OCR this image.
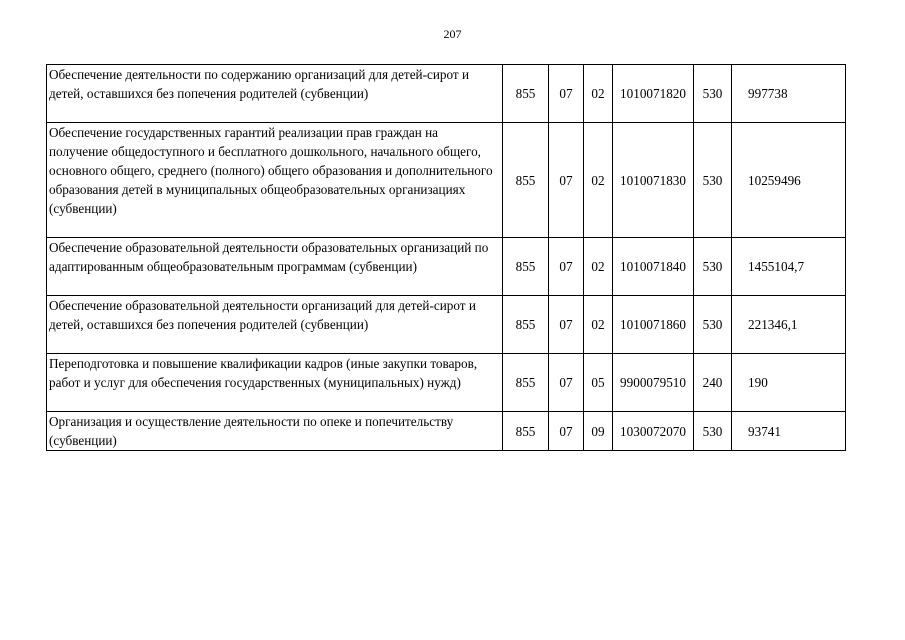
207
Обеспечение деятельности по содержанию организаций для детей-сирот и детей, оставшихся без попечения родителей (субвенции)	855	07	02	1010071820	530	997738
Обеспечение государственных гарантий реализации прав граждан на получение общедоступного и бесплатного дошкольного, начального общего, основного общего, среднего (полного) общего образования и дополнительного образования детей в муниципальных общеобразовательных организациях (субвенции)	855	07	02	1010071830	530	10259496
Обеспечение образовательной деятельности образовательных организаций по адаптированным общеобразовательным программам (субвенции)	855	07	02	1010071840	530	1455104,7
Обеспечение образовательной деятельности организаций для детей-сирот и детей, оставшихся без попечения родителей (субвенции)	855	07	02	1010071860	530	221346,1
Переподготовка и повышение квалификации кадров (иные закупки товаров, работ и услуг для обеспечения государственных (муниципальных) нужд)	855	07	05	9900079510	240	190
Организация и осуществление деятельности по опеке и попечительству (субвенции)	855	07	09	1030072070	530	93741
